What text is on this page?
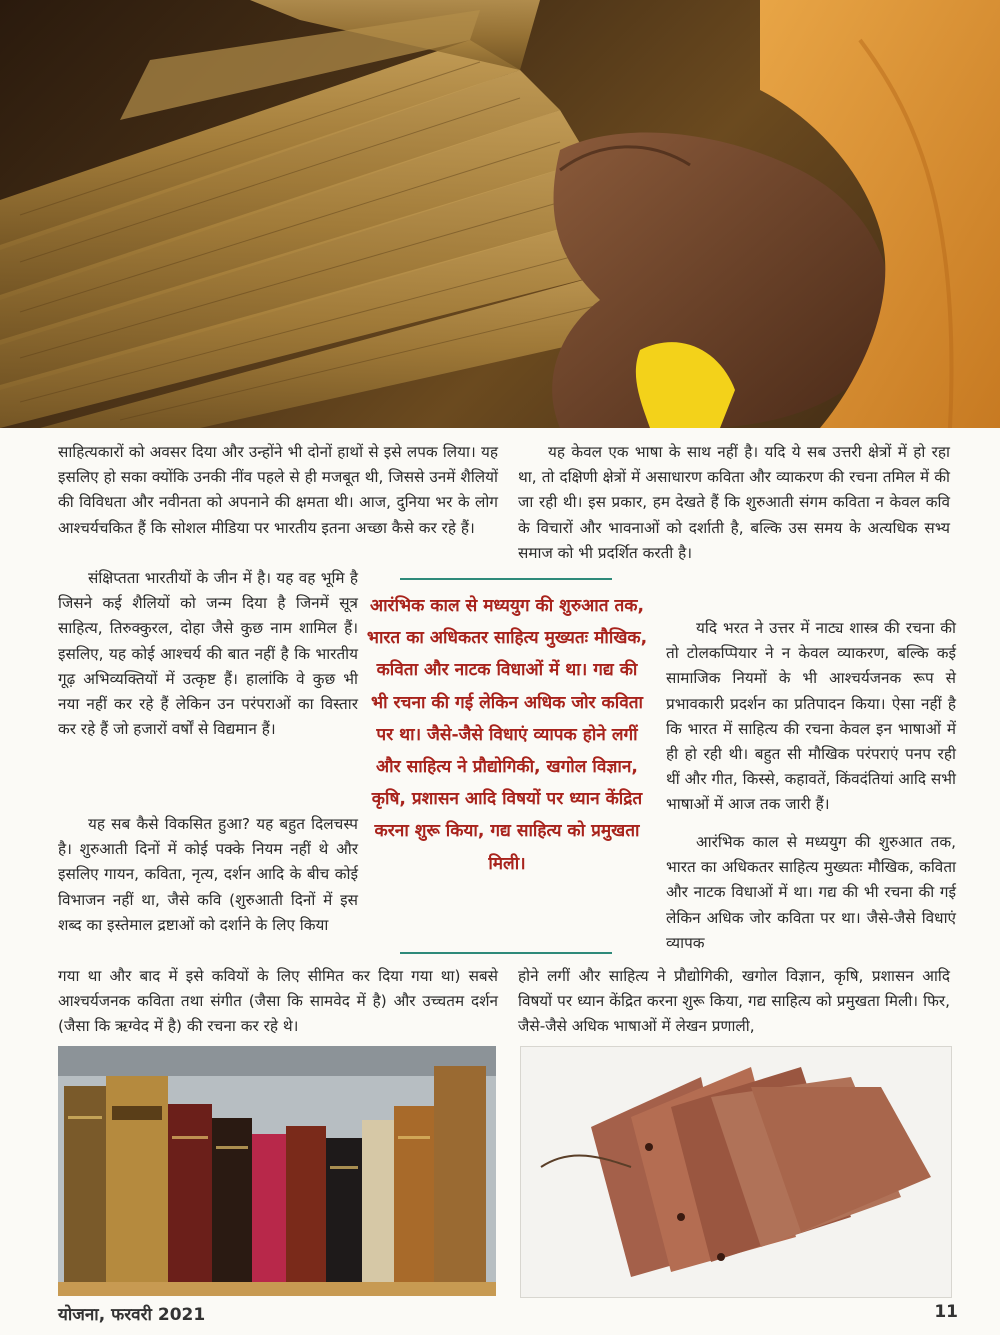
साहित्यकारों को अवसर दिया और उन्होंने भी दोनों हाथों से इसे लपक लिया। यह इसलिए हो सका क्योंकि उनकी नींव पहले से ही मजबूत थी, जिससे उनमें शैलियों की विविधता और नवीनता को अपनाने की क्षमता थी। आज, दुनिया भर के लोग आश्चर्यचकित हैं कि सोशल मीडिया पर भारतीय इतना अच्छा कैसे कर रहे हैं।

संक्षिप्तता भारतीयों के जीन में है। यह वह भूमि है जिसने कई शैलियों को जन्म दिया है जिनमें सूत्र साहित्य, तिरुक्कुरल, दोहा जैसे कुछ नाम शामिल हैं। इसलिए, यह कोई आश्चर्य की बात नहीं है कि भारतीय गूढ़ अभिव्यक्तियों में उत्कृष्ट हैं। हालांकि वे कुछ भी नया नहीं कर रहे हैं लेकिन उन परंपराओं का विस्तार कर रहे हैं जो हजारों वर्षों से विद्यमान हैं।

यह सब कैसे विकसित हुआ? यह बहुत दिलचस्प है। शुरुआती दिनों में कोई पक्के नियम नहीं थे और इसलिए गायन, कविता, नृत्य, दर्शन आदि के बीच कोई विभाजन नहीं था, जैसे कवि (शुरुआती दिनों में इस शब्द का इस्तेमाल द्रष्टाओं को दर्शाने के लिए किया

गया था और बाद में इसे कवियों के लिए सीमित कर दिया गया था) सबसे आश्चर्यजनक कविता तथा संगीत (जैसा कि सामवेद में है) और उच्चतम दर्शन (जैसा कि ऋग्वेद में है) की रचना कर रहे थे।

आरंभिक काल से मध्ययुग की शुरुआत तक, भारत का अधिकतर साहित्य मुख्यतः मौखिक, कविता और नाटक विधाओं में था। गद्य की भी रचना की गई लेकिन अधिक जोर कविता पर था। जैसे-जैसे विधाएं व्यापक होने लगीं और साहित्य ने प्रौद्योगिकी, खगोल विज्ञान, कृषि, प्रशासन आदि विषयों पर ध्यान केंद्रित करना शुरू किया, गद्य साहित्य को प्रमुखता मिली।

यह केवल एक भाषा के साथ नहीं है। यदि ये सब उत्तरी क्षेत्रों में हो रहा था, तो दक्षिणी क्षेत्रों में असाधारण कविता और व्याकरण की रचना तमिल में की जा रही थी। इस प्रकार, हम देखते हैं कि शुरुआती संगम कविता न केवल कवि के विचारों और भावनाओं को दर्शाती है, बल्कि उस समय के अत्यधिक सभ्य समाज को भी प्रदर्शित करती है।

यदि भरत ने उत्तर में नाट्य शास्त्र की रचना की तो टोलकप्पियार ने न केवल व्याकरण, बल्कि कई सामाजिक नियमों के भी आश्चर्यजनक रूप से प्रभावकारी प्रदर्शन का प्रतिपादन किया। ऐसा नहीं है कि भारत में साहित्य की रचना केवल इन भाषाओं में ही हो रही थी। बहुत सी मौखिक परंपराएं पनप रही थीं और गीत, किस्से, कहावतें, किंवदंतियां आदि सभी भाषाओं में आज तक जारी हैं।

आरंभिक काल से मध्ययुग की शुरुआत तक, भारत का अधिकतर साहित्य मुख्यतः मौखिक, कविता और नाटक विधाओं में था। गद्य की भी रचना की गई लेकिन अधिक जोर कविता पर था। जैसे-जैसे विधाएं व्यापक

होने लगीं और साहित्य ने प्रौद्योगिकी, खगोल विज्ञान, कृषि, प्रशासन आदि विषयों पर ध्यान केंद्रित करना शुरू किया, गद्य साहित्य को प्रमुखता मिली। फिर, जैसे-जैसे अधिक भाषाओं में लेखन प्रणाली,

योजना, फरवरी 2021	11
